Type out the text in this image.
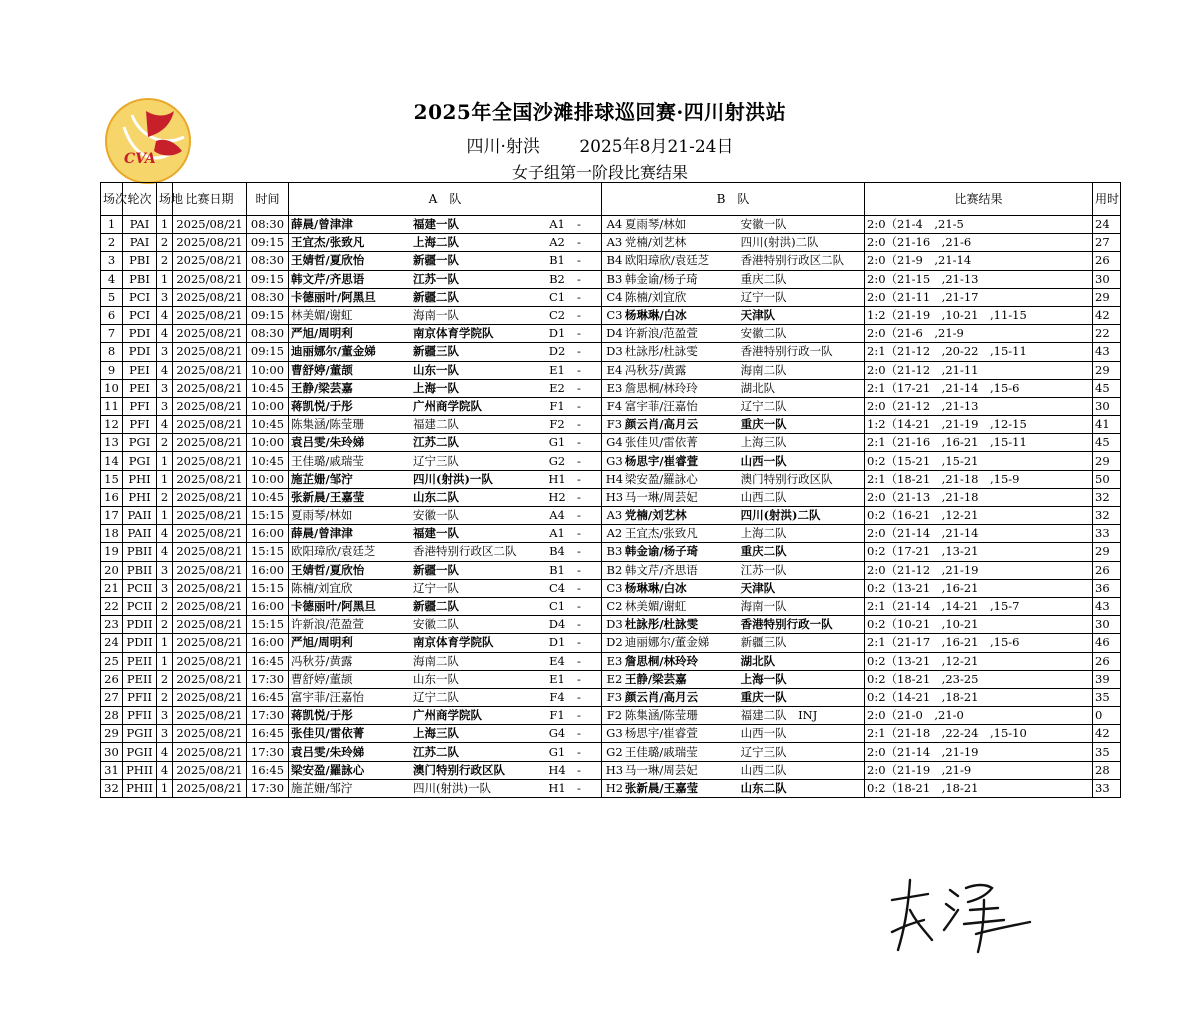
CVA
2025年全国沙滩排球巡回赛·四川射洪站
四川·射洪 2025年8月21-24日
女子组第一阶段比赛结果
场次	轮次	场地	比赛日期	时间	A　队	B　队	比赛结果	用时
1	PAI	1	2025/08/21	08:30	薛晨/曾津津 福建一队 A1 -	A4 夏雨琴/林如 安徽一队	2:0（21-4　,21-5	24
2	PAI	2	2025/08/21	09:15	王宜杰/张致凡 上海二队 A2 -	A3 党楠/刘艺林 四川(射洪)二队	2:0（21-16　,21-6	27
3	PBI	2	2025/08/21	08:30	王婧哲/夏欣怡 新疆一队 B1 -	B4 欧阳璋欣/袁廷芝 香港特别行政区二队	2:0（21-9　,21-14	26
4	PBI	1	2025/08/21	09:15	韩文芹/齐思语 江苏一队 B2 -	B3 韩金谕/杨子琦 重庆二队	2:0（21-15　,21-13	30
5	PCI	3	2025/08/21	08:30	卡德丽叶/阿黑旦 新疆二队 C1 -	C4 陈楠/刘宜欣 辽宁一队	2:0（21-11　,21-17	29
6	PCI	4	2025/08/21	09:15	林美媚/谢虹 海南一队 C2 -	C3 杨琳琳/白冰 天津队	1:2（21-19　,10-21　,11-15	42
7	PDI	4	2025/08/21	08:30	严旭/周明利 南京体育学院队 D1 -	D4 许新浪/范盈萱 安徽二队	2:0（21-6　,21-9	22
8	PDI	3	2025/08/21	09:15	迪丽娜尔/董金娣 新疆三队 D2 -	D3 杜詠彤/杜詠雯 香港特别行政一队	2:1（21-12　,20-22　,15-11	43
9	PEI	4	2025/08/21	10:00	曹舒婷/董颉 山东一队 E1 -	E4 冯秋芬/黄露 海南二队	2:0（21-12　,21-11	29
10	PEI	3	2025/08/21	10:45	王静/梁芸嘉 上海一队 E2 -	E3 詹思桐/林玲玲 湖北队	2:1（17-21　,21-14　,15-6	45
11	PFI	3	2025/08/21	10:00	蒋凯悦/于彤 广州商学院队 F1 -	F4 富宇菲/汪嘉怡 辽宁二队	2:0（21-12　,21-13	30
12	PFI	4	2025/08/21	10:45	陈集涵/陈莹珊 福建二队 F2 -	F3 颜云肖/高月云 重庆一队	1:2（14-21　,21-19　,12-15	41
13	PGI	2	2025/08/21	10:00	袁吕雯/朱玲娣 江苏二队 G1 -	G4 张佳贝/雷依菁 上海三队	2:1（21-16　,16-21　,15-11	45
14	PGI	1	2025/08/21	10:45	王佳璐/戚瑞莹 辽宁三队 G2 -	G3 杨思宇/崔睿萱 山西一队	0:2（15-21　,15-21	29
15	PHI	1	2025/08/21	10:00	施芷姗/邹泞 四川(射洪)一队 H1 -	H4 梁安盈/羅詠心 澳门特别行政区队	2:1（18-21　,21-18　,15-9	50
16	PHI	2	2025/08/21	10:45	张新晨/王嘉莹 山东二队 H2 -	H3 马一琳/周芸妃 山西二队	2:0（21-13　,21-18	32
17	PAII	1	2025/08/21	15:15	夏雨琴/林如 安徽一队 A4 -	A3 党楠/刘艺林 四川(射洪)二队	0:2（16-21　,12-21	32
18	PAII	4	2025/08/21	16:00	薛晨/曾津津 福建一队 A1 -	A2 王宜杰/张致凡 上海二队	2:0（21-14　,21-14	33
19	PBII	4	2025/08/21	15:15	欧阳璋欣/袁廷芝 香港特别行政区二队 B4 -	B3 韩金谕/杨子琦 重庆二队	0:2（17-21　,13-21	29
20	PBII	3	2025/08/21	16:00	王婧哲/夏欣怡 新疆一队 B1 -	B2 韩文芹/齐思语 江苏一队	2:0（21-12　,21-19	26
21	PCII	3	2025/08/21	15:15	陈楠/刘宜欣 辽宁一队 C4 -	C3 杨琳琳/白冰 天津队	0:2（13-21　,16-21	36
22	PCII	2	2025/08/21	16:00	卡德丽叶/阿黑旦 新疆二队 C1 -	C2 林美媚/谢虹 海南一队	2:1（21-14　,14-21　,15-7	43
23	PDII	2	2025/08/21	15:15	许新浪/范盈萱 安徽二队 D4 -	D3 杜詠彤/杜詠雯 香港特别行政一队	0:2（10-21　,10-21	30
24	PDII	1	2025/08/21	16:00	严旭/周明利 南京体育学院队 D1 -	D2 迪丽娜尔/董金娣 新疆三队	2:1（21-17　,16-21　,15-6	46
25	PEII	1	2025/08/21	16:45	冯秋芬/黄露 海南二队 E4 -	E3 詹思桐/林玲玲 湖北队	0:2（13-21　,12-21	26
26	PEII	2	2025/08/21	17:30	曹舒婷/董颉 山东一队 E1 -	E2 王静/梁芸嘉 上海一队	0:2（18-21　,23-25	39
27	PFII	2	2025/08/21	16:45	富宇菲/汪嘉怡 辽宁二队 F4 -	F3 颜云肖/高月云 重庆一队	0:2（14-21　,18-21	35
28	PFII	3	2025/08/21	17:30	蒋凯悦/于彤 广州商学院队 F1 -	F2 陈集涵/陈莹珊 福建二队　INJ	2:0（21-0　,21-0	0
29	PGII	3	2025/08/21	16:45	张佳贝/雷依菁 上海三队 G4 -	G3 杨思宇/崔睿萱 山西一队	2:1（21-18　,22-24　,15-10	42
30	PGII	4	2025/08/21	17:30	袁吕雯/朱玲娣 江苏二队 G1 -	G2 王佳璐/戚瑞莹 辽宁三队	2:0（21-14　,21-19	35
31	PHII	4	2025/08/21	16:45	梁安盈/羅詠心 澳门特别行政区队 H4 -	H3 马一琳/周芸妃 山西二队	2:0（21-19　,21-9	28
32	PHII	1	2025/08/21	17:30	施芷姗/邹泞 四川(射洪)一队 H1 -	H2 张新晨/王嘉莹 山东二队	0:2（18-21　,18-21	33
